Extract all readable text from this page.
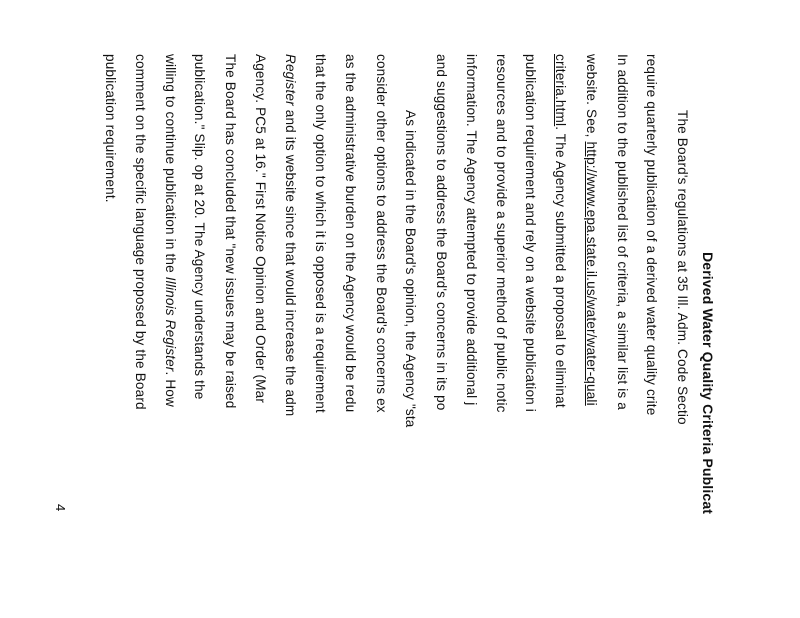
Derived Water Quality Criteria Publicat
The Board's regulations at 35 Ill. Adm. Code Sectio
require quarterly publication of a derived water quality crite
In addition to the published list of criteria, a similar list is a
website. See, http://www.epa.state.il.us/water/water-quali
criteria.html. The Agency submitted a proposal to eliminat
publication requirement and rely on a website publication i
resources and to provide a superior method of public notic
information. The Agency attempted to provide additional j
and suggestions to address the Board's concerns in its po
As indicated in the Board's opinion, the Agency "sta
consider other options to address the Board's concerns ex
as the administrative burden on the Agency would be redu
that the only option to which it is opposed is a requirement
Register and its website since that would increase the adm
Agency. PC5 at 16." First Notice Opinion and Order (Mar
The Board has concluded that "new issues may be raised
publication." Slip. op at 20. The Agency understands the
willing to continue publication in the Illinois Register. How
comment on the specific language proposed by the Board
publication requirement.
4
